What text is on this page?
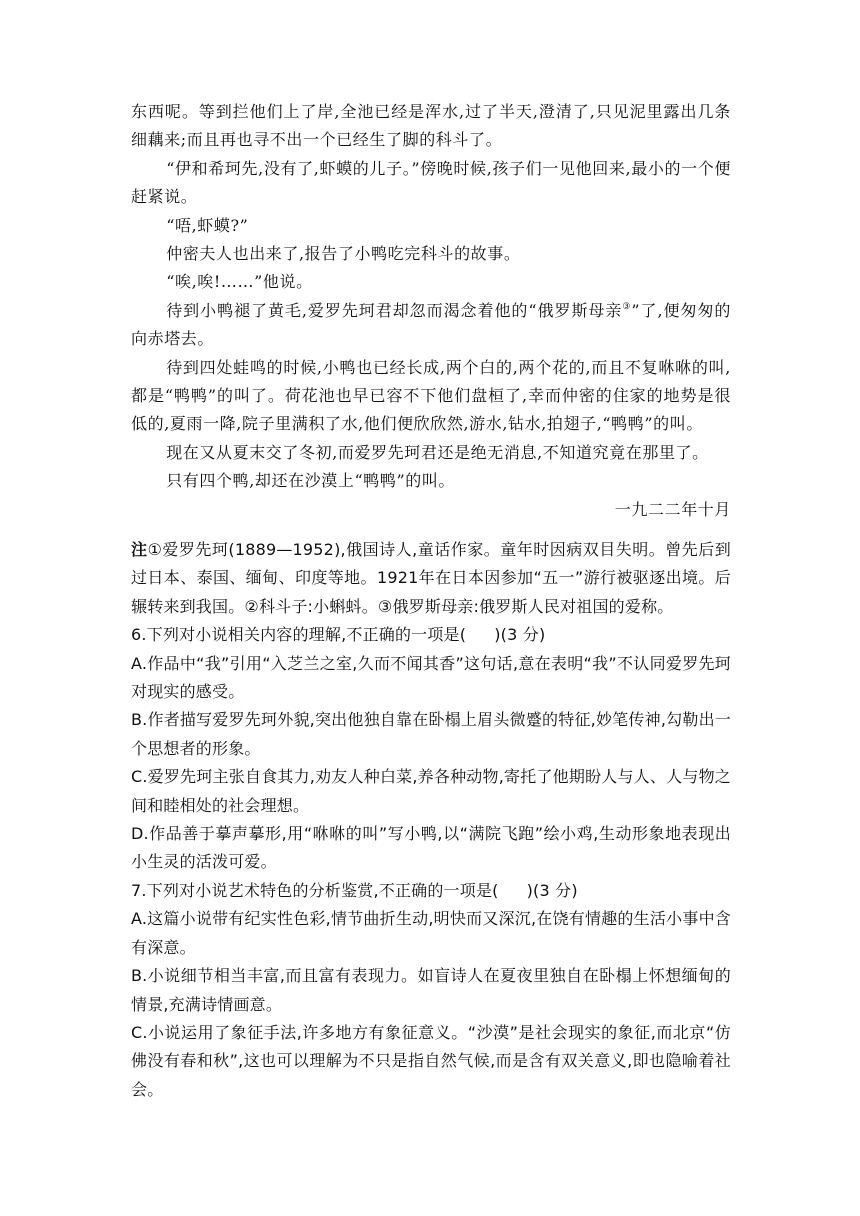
东西呢。等到拦他们上了岸,全池已经是浑水,过了半天,澄清了,只见泥里露出几条细藕来;而且再也寻不出一个已经生了脚的科斗了。

“伊和希珂先,没有了,虾蟆的儿子。”傍晚时候,孩子们一见他回来,最小的一个便赶紧说。

“唔,虾蟆?”

仲密夫人也出来了,报告了小鸭吃完科斗的故事。

“唉,唉!……”他说。

待到小鸭褪了黄毛,爱罗先珂君却忽而渴念着他的“俄罗斯母亲③”了,便匆匆的向赤塔去。

待到四处蛙鸣的时候,小鸭也已经长成,两个白的,两个花的,而且不复咻咻的叫,都是“鸭鸭”的叫了。荷花池也早已容不下他们盘桓了,幸而仲密的住家的地势是很低的,夏雨一降,院子里满积了水,他们便欣欣然,游水,钻水,拍翅子,“鸭鸭”的叫。

现在又从夏末交了冬初,而爱罗先珂君还是绝无消息,不知道究竟在那里了。

只有四个鸭,却还在沙漠上“鸭鸭”的叫。

一九二二年十月

注①爱罗先珂(1889—1952),俄国诗人,童话作家。童年时因病双目失明。曾先后到过日本、泰国、缅甸、印度等地。1921年在日本因参加“五一”游行被驱逐出境。后辗转来到我国。②科斗子:小蝌蚪。③俄罗斯母亲:俄罗斯人民对祖国的爱称。

6.下列对小说相关内容的理解,不正确的一项是( )(3 分)

A.作品中“我”引用“入芝兰之室,久而不闻其香”这句话,意在表明“我”不认同爱罗先珂对现实的感受。

B.作者描写爱罗先珂外貌,突出他独自靠在卧榻上眉头微蹙的特征,妙笔传神,勾勒出一个思想者的形象。

C.爱罗先珂主张自食其力,劝友人种白菜,养各种动物,寄托了他期盼人与人、人与物之间和睦相处的社会理想。

D.作品善于摹声摹形,用“咻咻的叫”写小鸭,以“满院飞跑”绘小鸡,生动形象地表现出小生灵的活泼可爱。

7.下列对小说艺术特色的分析鉴赏,不正确的一项是( )(3 分)

A.这篇小说带有纪实性色彩,情节曲折生动,明快而又深沉,在饶有情趣的生活小事中含有深意。

B.小说细节相当丰富,而且富有表现力。如盲诗人在夏夜里独自在卧榻上怀想缅甸的情景,充满诗情画意。

C.小说运用了象征手法,许多地方有象征意义。“沙漠”是社会现实的象征,而北京“仿佛没有春和秋”,这也可以理解为不只是指自然气候,而是含有双关意义,即也隐喻着社会。
